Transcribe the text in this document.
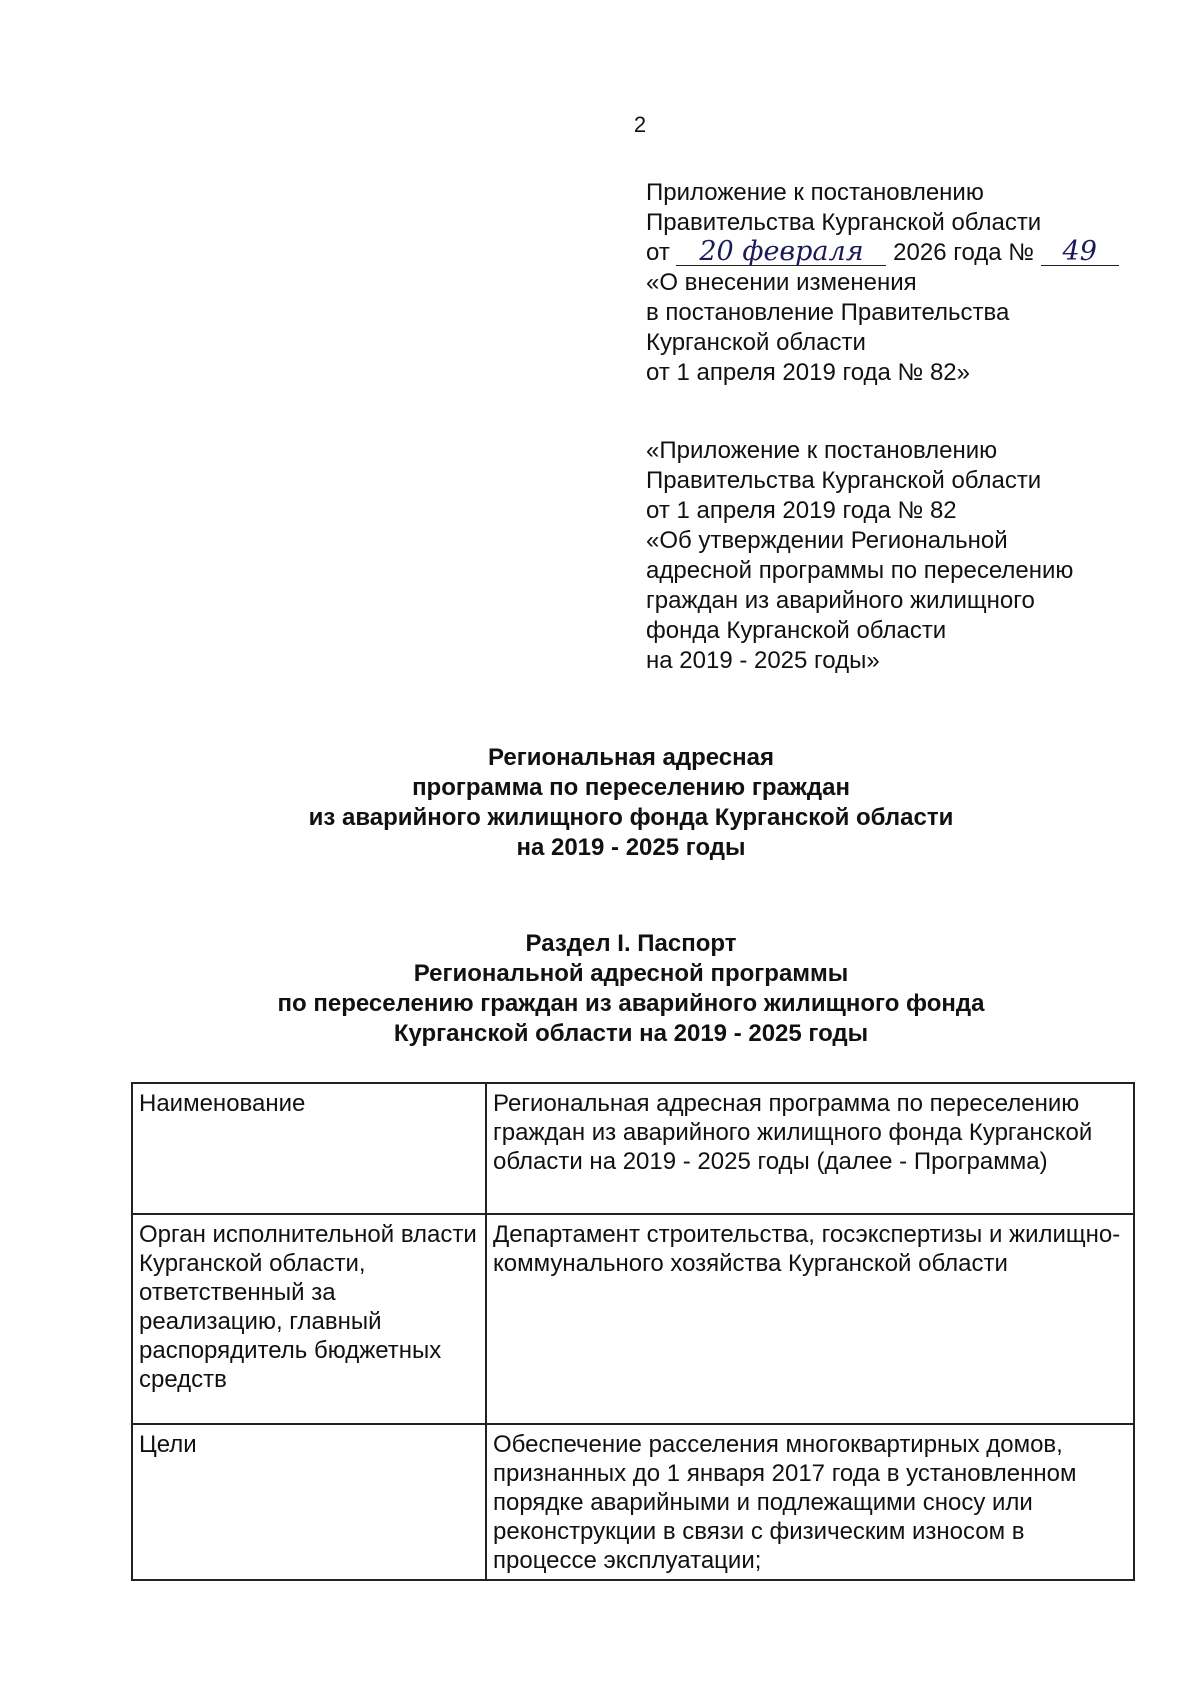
2
Приложение к постановлению
Правительства Курганской области
от 20 февраля 2026 года № 49
«О внесении изменения
в постановление Правительства
Курганской области
от 1 апреля 2019 года № 82»
«Приложение к постановлению
Правительства Курганской области
от 1 апреля 2019 года № 82
«Об утверждении Региональной
адресной программы по переселению
граждан из аварийного жилищного
фонда Курганской области
на 2019 - 2025 годы»
Региональная адресная
программа по переселению граждан
из аварийного жилищного фонда Курганской области
на 2019 - 2025 годы
Раздел I. Паспорт
Региональной адресной программы
по переселению граждан из аварийного жилищного фонда
Курганской области на 2019 - 2025 годы
Наименование	Региональная адресная программа по переселению граждан из аварийного жилищного фонда Курганской области на 2019 - 2025 годы (далее - Программа)
Орган исполнительной власти Курганской области, ответственный за реализацию, главный распорядитель бюджетных средств	Департамент строительства, госэкспертизы и жилищно-коммунального хозяйства Курганской области
Цели	Обеспечение расселения многоквартирных домов, признанных до 1 января 2017 года в установленном порядке аварийными и подлежащими сносу или реконструкции в связи с физическим износом в процессе эксплуатации;
